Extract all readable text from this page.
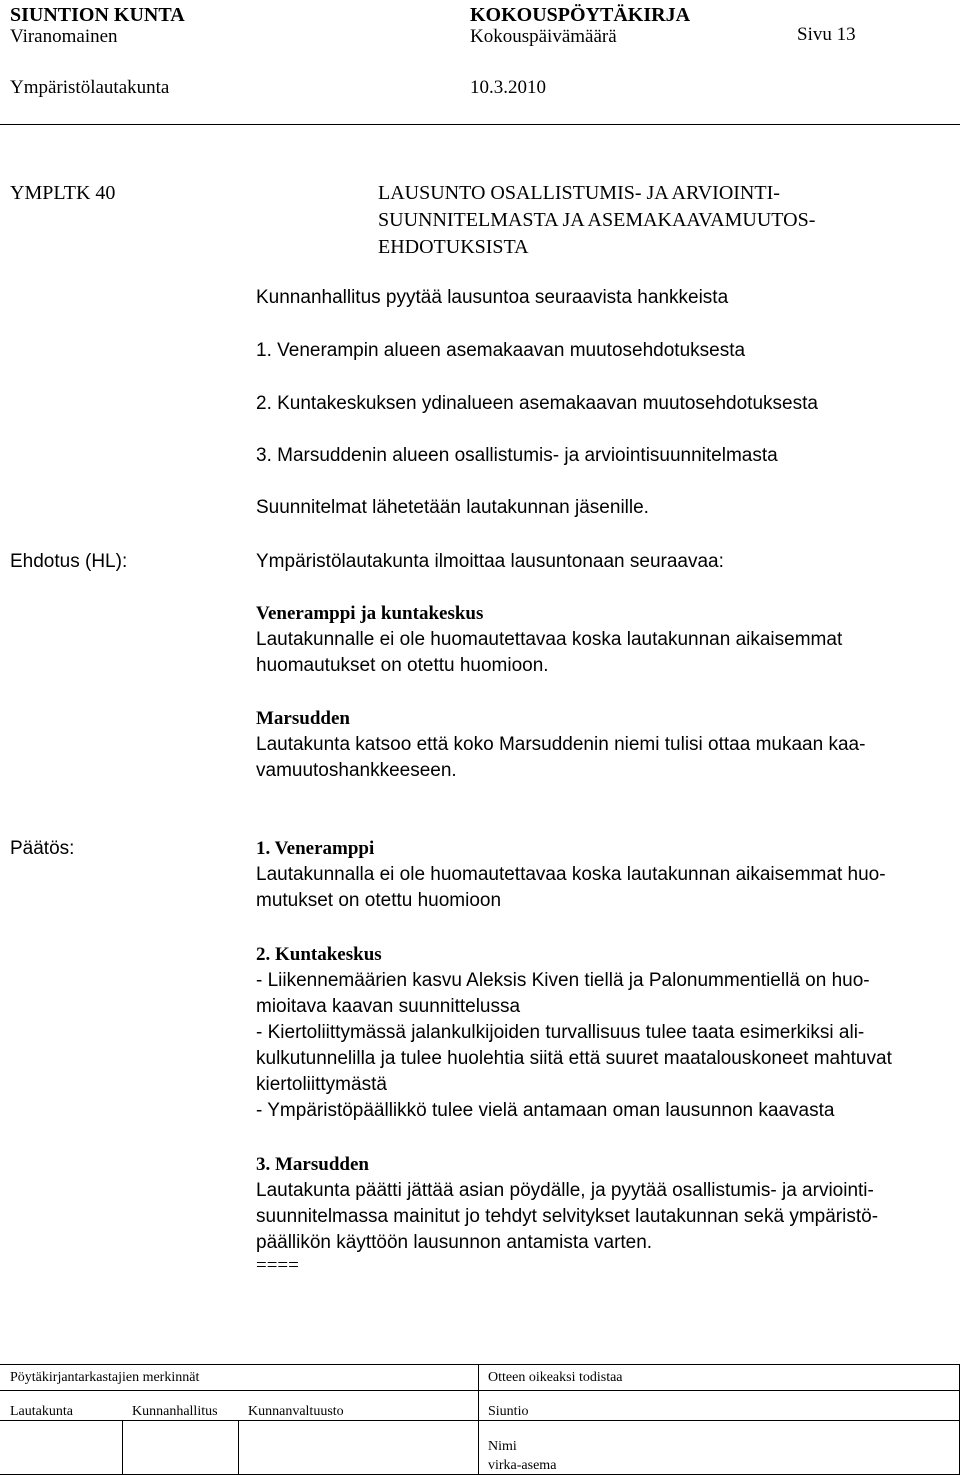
SIUNTION KUNTA	KOKOUSPÖYTÄKIRJA
Viranomainen	Kokouspäivämäärä	Sivu 13
Ympäristölautakunta	10.3.2010
YMPLTK 40	LAUSUNTO OSALLISTUMIS- JA ARVIOINTI-
SUUNNITELMASTA JA ASEMAKAAVAMUUTOS-
EHDOTUKSISTA
Kunnanhallitus pyytää lausuntoa seuraavista hankkeista
1. Venerampin alueen asemakaavan muutosehdotuksesta
2. Kuntakeskuksen ydinalueen asemakaavan muutosehdotuksesta
3. Marsuddenin alueen osallistumis- ja arviointisuunnitelmasta
Suunnitelmat lähetetään lautakunnan jäsenille.
Ehdotus (HL):	Ympäristölautakunta ilmoittaa lausuntonaan seuraavaa:
Veneramppi ja kuntakeskus
Lautakunnalle ei ole huomautettavaa koska lautakunnan aikaisemmat
huomautukset on otettu huomioon.
Marsudden
Lautakunta katsoo että koko Marsuddenin niemi tulisi ottaa mukaan kaa-
vamuutoshankkeeseen.
Päätös:	1. Veneramppi
Lautakunnalla ei ole huomautettavaa koska lautakunnan aikaisemmat huo-
mutukset on otettu huomioon
2. Kuntakeskus
- Liikennemäärien kasvu Aleksis Kiven tiellä ja Palonummentiellä on huo-
mioitava kaavan suunnittelussa
- Kiertoliittymässä jalankulkijoiden turvallisuus tulee taata esimerkiksi ali-
kulkutunnelilla ja tulee huolehtia siitä että suuret maatalouskoneet mahtuvat
kiertoliittymästä
- Ympäristöpäällikkö tulee vielä antamaan oman lausunnon kaavasta
3. Marsudden
Lautakunta päätti jättää asian pöydälle, ja pyytää osallistumis- ja arviointi-
suunnitelmassa mainitut jo tehdyt selvitykset lautakunnan sekä ympäristö-
päällikön käyttöön lausunnon antamista varten.
====
Pöytäkirjantarkastajien merkinnät	Otteen oikeaksi todistaa
Lautakunta	Kunnanhallitus Kunnanvaltuusto	Siuntio
Nimi
virka-asema
